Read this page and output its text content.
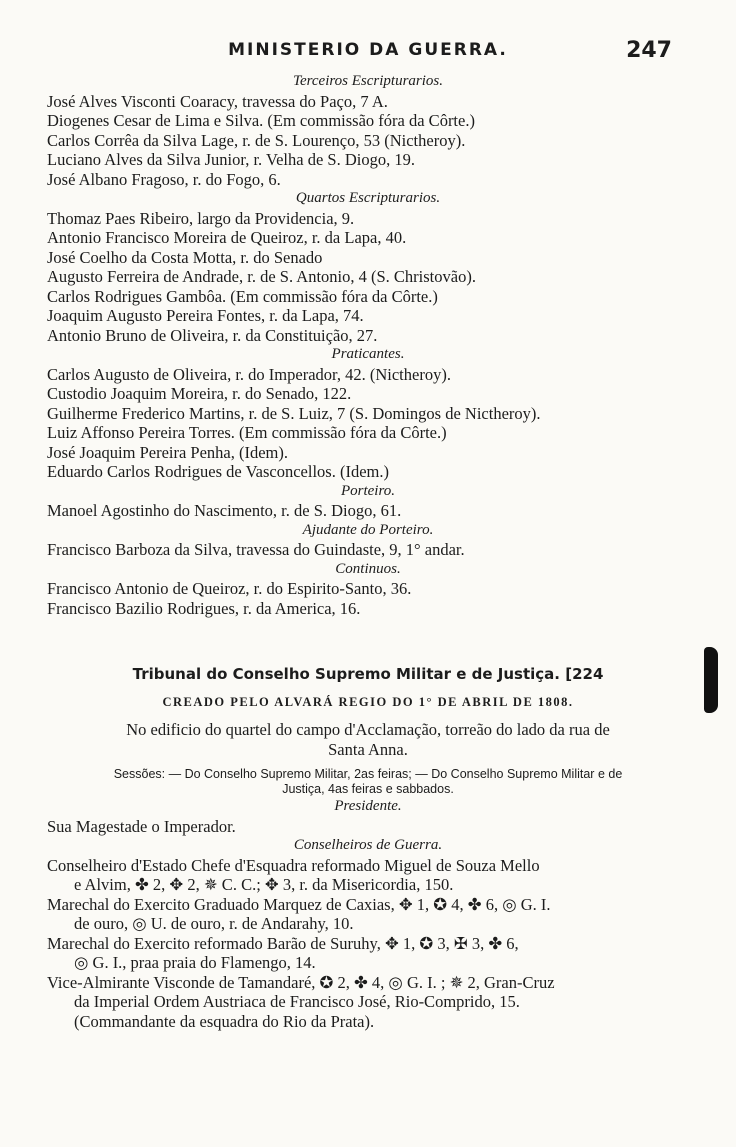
MINISTERIO DA GUERRA.	247
Terceiros Escripturarios.
José Alves Visconti Coaracy, travessa do Paço, 7 A.
Diogenes Cesar de Lima e Silva. (Em commissão fóra da Côrte.)
Carlos Corrêa da Silva Lage, r. de S. Lourenço, 53 (Nictheroy).
Luciano Alves da Silva Junior, r. Velha de S. Diogo, 19.
José Albano Fragoso, r. do Fogo, 6.
Quartos Escripturarios.
Thomaz Paes Ribeiro, largo da Providencia, 9.
Antonio Francisco Moreira de Queiroz, r. da Lapa, 40.
José Coelho da Costa Motta, r. do Senado
Augusto Ferreira de Andrade, r. de S. Antonio, 4 (S. Christovão).
Carlos Rodrigues Gambôa. (Em commissão fóra da Côrte.)
Joaquim Augusto Pereira Fontes, r. da Lapa, 74.
Antonio Bruno de Oliveira, r. da Constituição, 27.
Praticantes.
Carlos Augusto de Oliveira, r. do Imperador, 42. (Nictheroy).
Custodio Joaquim Moreira, r. do Senado, 122.
Guilherme Frederico Martins, r. de S. Luiz, 7 (S. Domingos de Nictheroy).
Luiz Affonso Pereira Torres. (Em commissão fóra da Côrte.)
José Joaquim Pereira Penha, (Idem).
Eduardo Carlos Rodrigues de Vasconcellos. (Idem.)
Porteiro.
Manoel Agostinho do Nascimento, r. de S. Diogo, 61.
Ajudante do Porteiro.
Francisco Barboza da Silva, travessa do Guindaste, 9, 1° andar.
Continuos.
Francisco Antonio de Queiroz, r. do Espirito-Santo, 36.
Francisco Bazilio Rodrigues, r. da America, 16.
Tribunal do Conselho Supremo Militar e de Justiça. [224
CREADO PELO ALVARÁ REGIO DO 1° DE ABRIL DE 1808.
No edificio do quartel do campo d'Acclamação, torreão do lado da rua de
Santa Anna.
Sessões: — Do Conselho Supremo Militar, 2as feiras; — Do Conselho Supremo Militar e de
Justiça, 4as feiras e sabbados.
Presidente.
Sua Magestade o Imperador.
Conselheiros de Guerra.
Conselheiro d'Estado Chefe d'Esquadra reformado Miguel de Souza Mello
e Alvim, ✤ 2, ✥ 2, ✵ C. C.; ✥ 3, r. da Misericordia, 150.
Marechal do Exercito Graduado Marquez de Caxias, ✥ 1, ✪ 4, ✤ 6, ◎ G. I.
de ouro, ◎ U. de ouro, r. de Andarahy, 10.
Marechal do Exercito reformado Barão de Suruhy, ✥ 1, ✪ 3, ✠ 3, ✤ 6,
◎ G. I., praa praia do Flamengo, 14.
Vice-Almirante Visconde de Tamandaré, ✪ 2, ✤ 4, ◎ G. I. ; ✵ 2, Gran-Cruz
da Imperial Ordem Austriaca de Francisco José, Rio-Comprido, 15.
(Commandante da esquadra do Rio da Prata).
